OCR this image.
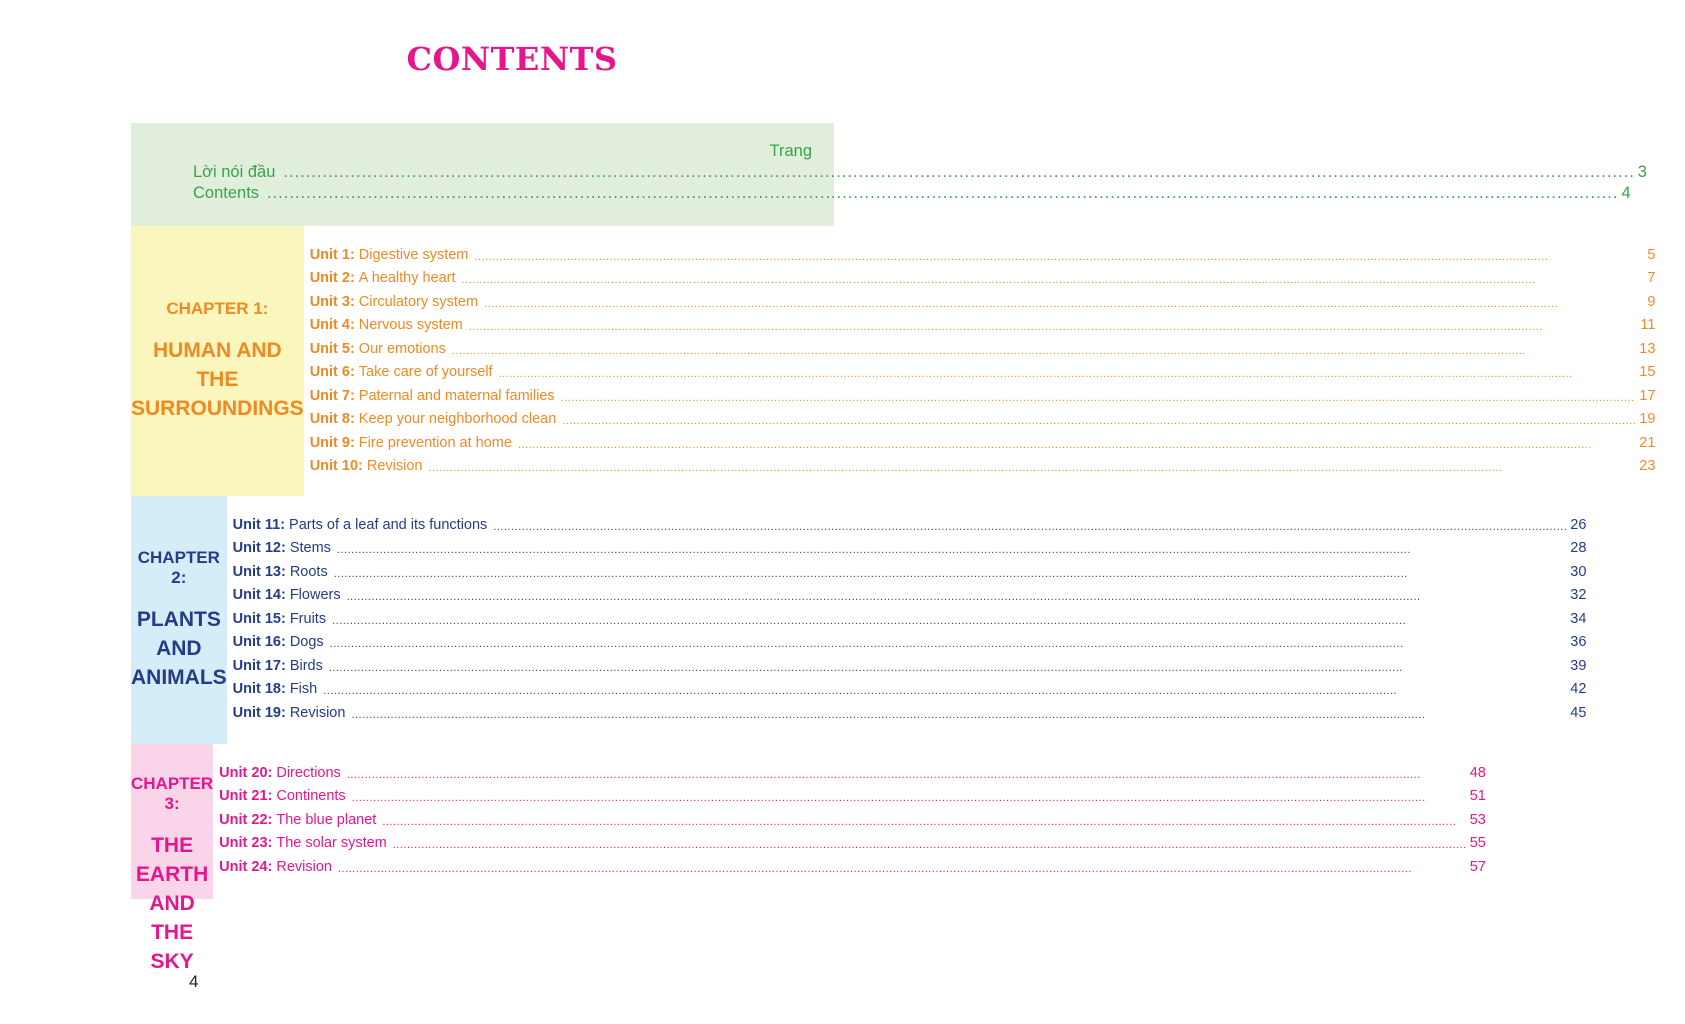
CONTENTS
Trang
Lời nói đầu .....	3
Contents .....	4
CHAPTER 1:
HUMAN AND THE
SURROUNDINGS
Unit 1: Digestive system .....	5
Unit 2: A healthy heart .....	7
Unit 3: Circulatory system .....	9
Unit 4: Nervous system .....	11
Unit 5: Our emotions .....	13
Unit 6: Take care of yourself .....	15
Unit 7: Paternal and maternal families .....	17
Unit 8: Keep your neighborhood clean .....	19
Unit 9: Fire prevention at home .....	21
Unit 10: Revision .....	23
CHAPTER 2:
PLANTS
AND ANIMALS
Unit 11: Parts of a leaf and its functions .....	26
Unit 12: Stems .....	28
Unit 13: Roots .....	30
Unit 14: Flowers .....	32
Unit 15: Fruits .....	34
Unit 16: Dogs .....	36
Unit 17: Birds .....	39
Unit 18: Fish .....	42
Unit 19: Revision .....	45
CHAPTER 3:
THE EARTH
AND THE SKY
Unit 20: Directions .....	48
Unit 21: Continents .....	51
Unit 22: The blue planet .....	53
Unit 23: The solar system .....	55
Unit 24: Revision .....	57
4
